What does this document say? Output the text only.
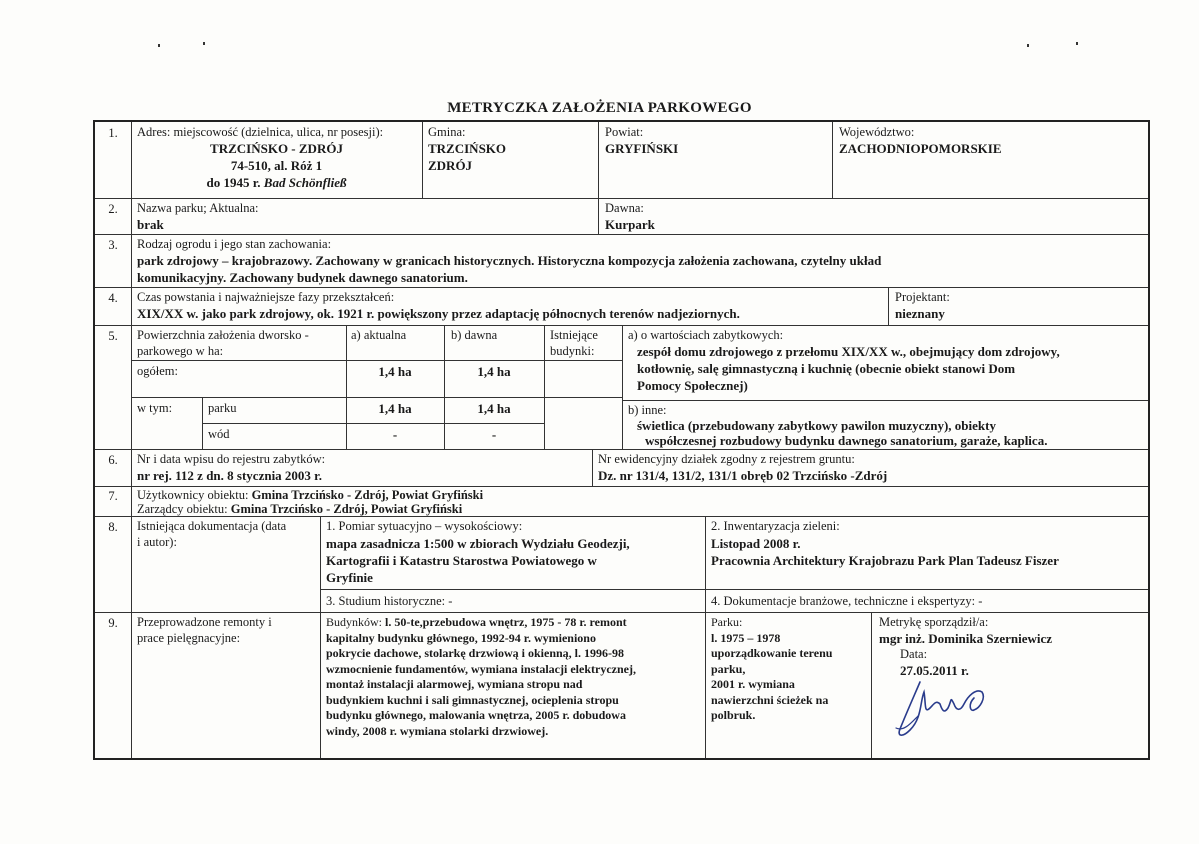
METRYCZKA ZAŁOŻENIA PARKOWEGO
1.	Adres: miejscowość (dzielnica, ulica, nr posesji):
TRZCIŃSKO - ZDRÓJ
74-510, al. Róż 1
do 1945 r. Bad Schönfließ
Gmina:
TRZCIŃSKO
ZDRÓJ
Powiat:
GRYFIŃSKI
Województwo:
ZACHODNIOPOMORSKIE
2.	Nazwa parku; Aktualna:
brak
Dawna:
Kurpark
3.	Rodzaj ogrodu i jego stan zachowania:
park zdrojowy – krajobrazowy. Zachowany w granicach historycznych. Historyczna kompozycja założenia zachowana, czytelny układ
komunikacyjny. Zachowany budynek dawnego sanatorium.
4.	Czas powstania i najważniejsze fazy przekształceń:
XIX/XX w. jako park zdrojowy, ok. 1921 r. powiększony przez adaptację północnych terenów nadjeziornych.
Projektant:
nieznany
5.	Powierzchnia założenia dworsko -
parkowego w ha:
a) aktualna	b) dawna	Istniejące
budynki:
a) o wartościach zabytkowych:
zespół domu zdrojowego z przełomu XIX/XX w., obejmujący dom zdrojowy,
kotłownię, salę gimnastyczną i kuchnię (obecnie obiekt stanowi Dom
Pomocy Społecznej)
ogółem:	1,4 ha	1,4 ha
w tym:	parku	1,4 ha	1,4 ha
wód	-	-
b) inne:
świetlica (przebudowany zabytkowy pawilon muzyczny), obiekty
współczesnej rozbudowy budynku dawnego sanatorium, garaże, kaplica.
6.	Nr i data wpisu do rejestru zabytków:
nr rej. 112 z dn. 8 stycznia 2003 r.
Nr ewidencyjny działek zgodny z rejestrem gruntu:
Dz. nr 131/4, 131/2, 131/1 obręb 02 Trzcińsko -Zdrój
7.	Użytkownicy obiektu: Gmina Trzcińsko - Zdrój, Powiat Gryfiński
Zarządcy obiektu: Gmina Trzcińsko - Zdrój, Powiat Gryfiński
8.	Istniejąca dokumentacja (data
i autor):
1. Pomiar sytuacyjno – wysokościowy:
mapa zasadnicza 1:500 w zbiorach Wydziału Geodezji,
Kartografii i Katastru Starostwa Powiatowego w
Gryfinie
2. Inwentaryzacja zieleni:
Listopad 2008 r.
Pracownia Architektury Krajobrazu Park Plan Tadeusz Fiszer
3. Studium historyczne: -	4. Dokumentacje branżowe, techniczne i ekspertyzy: -
9.	Przeprowadzone remonty i
prace pielęgnacyjne:
Budynków: l. 50-te,przebudowa wnętrz, 1975 - 78 r. remont
kapitalny budynku głównego, 1992-94 r. wymieniono
pokrycie dachowe, stolarkę drzwiową i okienną, l. 1996-98
wzmocnienie fundamentów, wymiana instalacji elektrycznej,
montaż instalacji alarmowej, wymiana stropu nad
budynkiem kuchni i sali gimnastycznej, ocieplenia stropu
budynku głównego, malowania wnętrza, 2005 r. dobudowa
windy, 2008 r. wymiana stolarki drzwiowej.
Parku:
l. 1975 – 1978
uporządkowanie terenu
parku,
2001 r. wymiana
nawierzchni ścieżek na
polbruk.
Metrykę sporządził/a:
mgr inż. Dominika Szerniewicz
Data:
27.05.2011 r.
